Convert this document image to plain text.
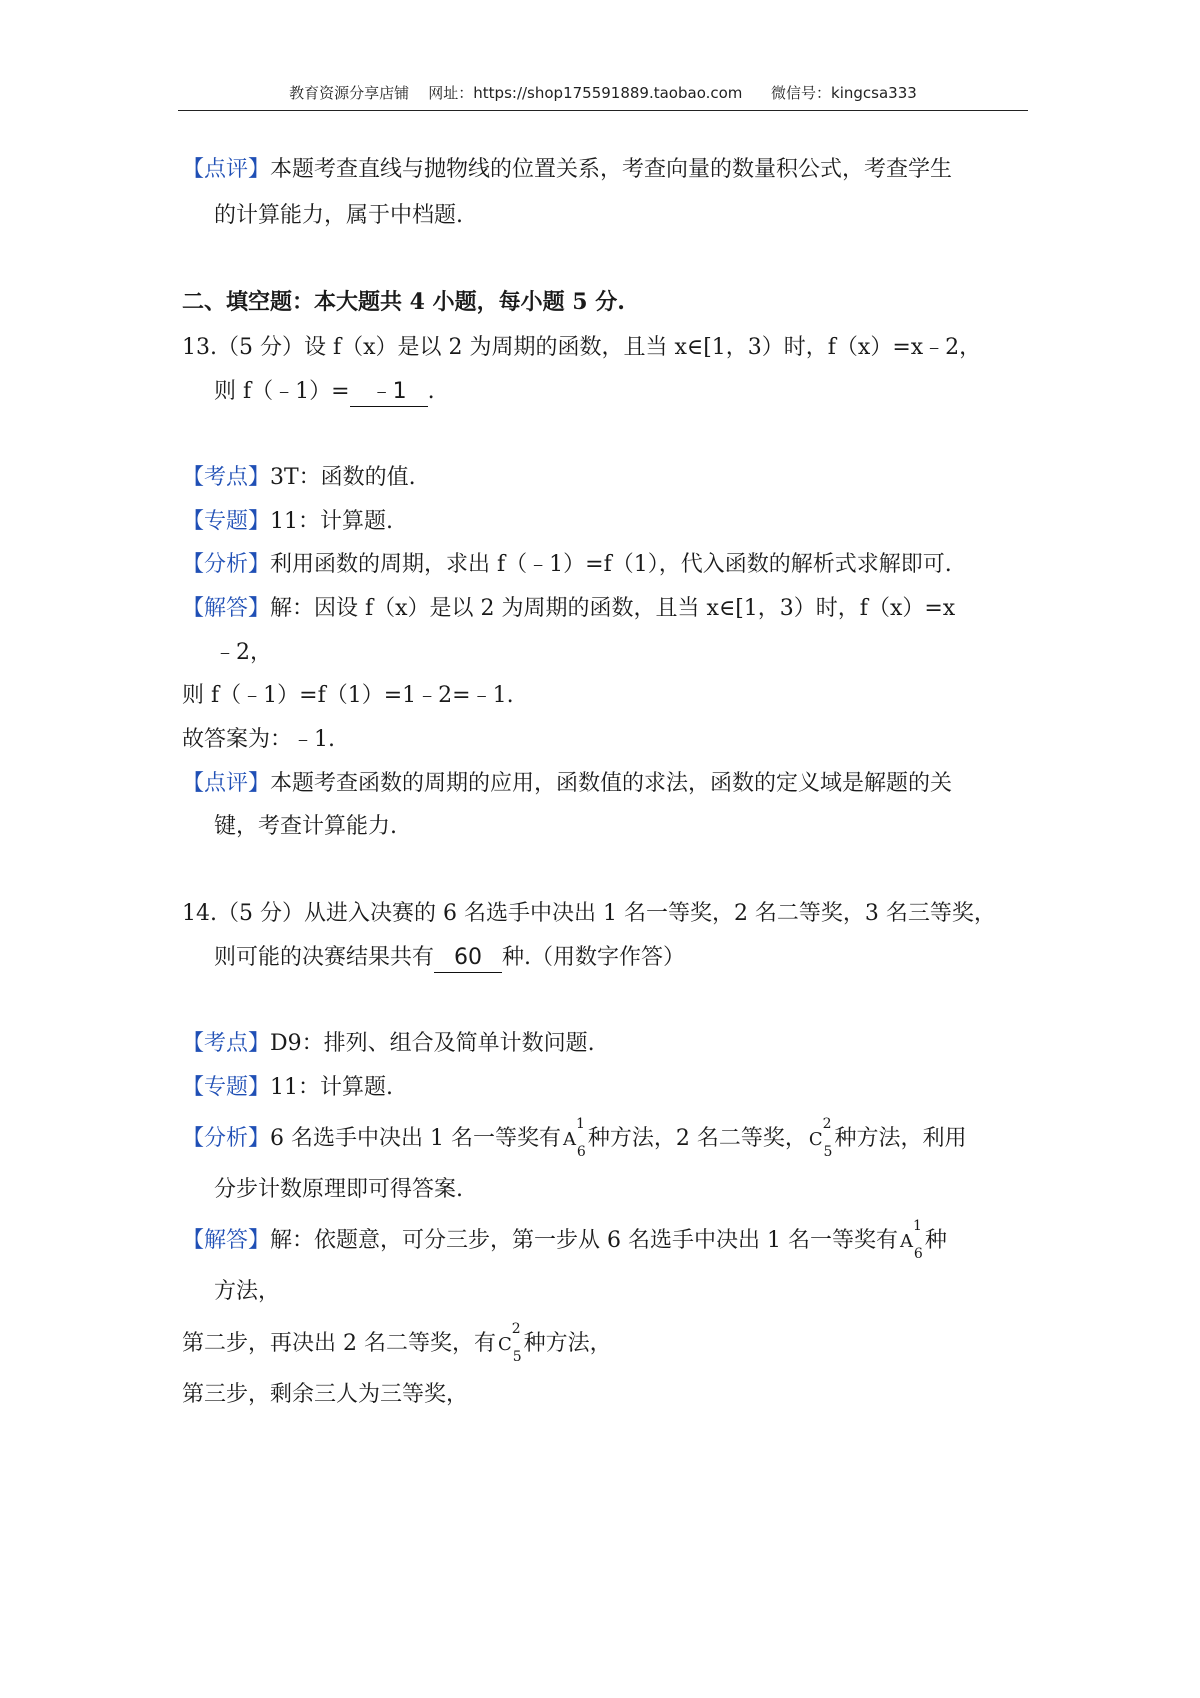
教育资源分享店铺 网址：https://shop175591889.taobao.com 微信号：kingcsa333
【点评】本题考查直线与抛物线的位置关系，考查向量的数量积公式，考查学生
的计算能力，属于中档题.
二、填空题：本大题共 4 小题，每小题 5 分.
13.（5 分）设 f（x）是以 2 为周期的函数，且当 x∈[1，3）时，f（x）=x﹣2，
则 f（﹣1）= ﹣1 .
【考点】3T：函数的值.
【专题】11：计算题.
【分析】利用函数的周期，求出 f（﹣1）=f（1），代入函数的解析式求解即可.
【解答】解：因设 f（x）是以 2 为周期的函数，且当 x∈[1，3）时，f（x）=x
﹣2，
则 f（﹣1）=f（1）=1﹣2=﹣1.
故答案为：﹣1.
【点评】本题考查函数的周期的应用，函数值的求法，函数的定义域是解题的关
键，考查计算能力.
14.（5 分）从进入决赛的 6 名选手中决出 1 名一等奖，2 名二等奖，3 名三等奖，
则可能的决赛结果共有 60 种.（用数字作答）
【考点】D9：排列、组合及简单计数问题.
【专题】11：计算题.
【分析】6 名选手中决出 1 名一等奖有 $A^1_6$种方法，2 名二等奖， $C^2_5$种方法，利用
分步计数原理即可得答案.
【解答】解：依题意，可分三步，第一步从 6 名选手中决出 1 名一等奖有 $A^1_6$种
方法，
第二步，再决出 2 名二等奖，有 $C^2_5$种方法，
第三步，剩余三人为三等奖，
